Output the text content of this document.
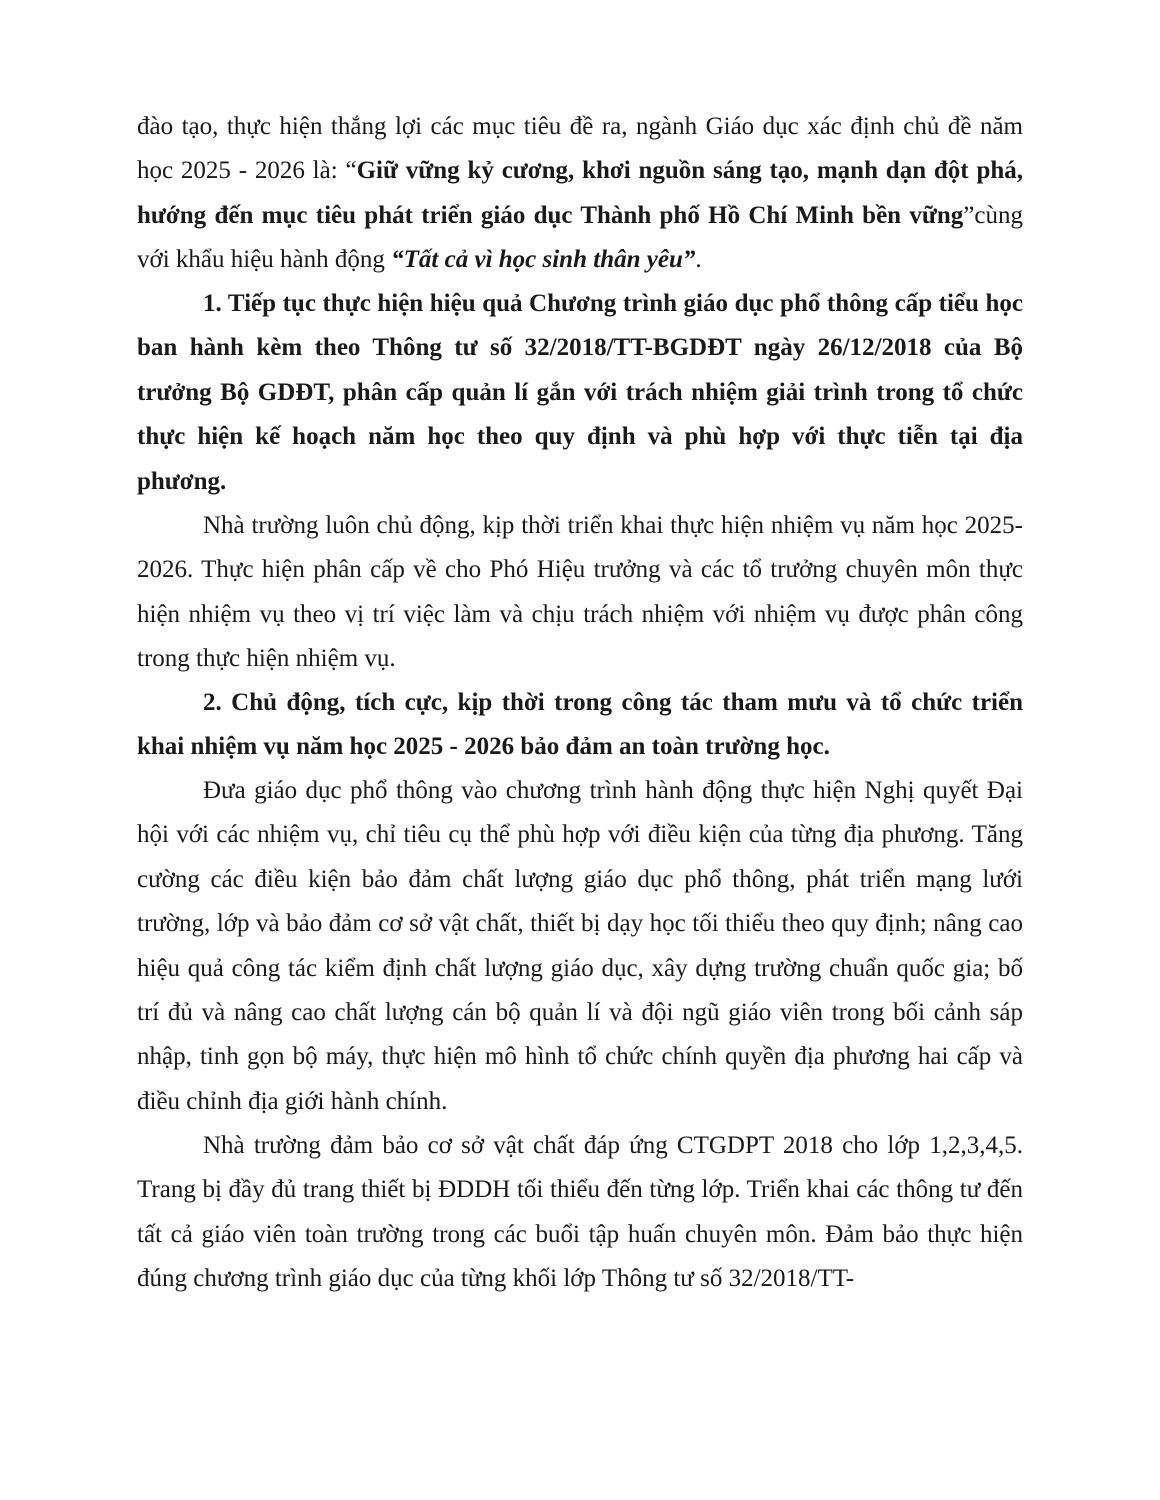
đào tạo, thực hiện thắng lợi các mục tiêu đề ra, ngành Giáo dục xác định chủ đề năm học 2025 - 2026 là: “Giữ vững kỷ cương, khơi nguồn sáng tạo, mạnh dạn đột phá, hướng đến mục tiêu phát triển giáo dục Thành phố Hồ Chí Minh bền vững”cùng với khẩu hiệu hành động “Tất cả vì học sinh thân yêu”.

1. Tiếp tục thực hiện hiệu quả Chương trình giáo dục phổ thông cấp tiểu học ban hành kèm theo Thông tư số 32/2018/TT-BGDĐT ngày 26/12/2018 của Bộ trưởng Bộ GDĐT, phân cấp quản lí gắn với trách nhiệm giải trình trong tổ chức thực hiện kế hoạch năm học theo quy định và phù hợp với thực tiễn tại địa phương.

Nhà trường luôn chủ động, kịp thời triển khai thực hiện nhiệm vụ năm học 2025-2026. Thực hiện phân cấp về cho Phó Hiệu trưởng và các tổ trưởng chuyên môn thực hiện nhiệm vụ theo vị trí việc làm và chịu trách nhiệm với nhiệm vụ được phân công trong thực hiện nhiệm vụ.

2. Chủ động, tích cực, kịp thời trong công tác tham mưu và tổ chức triển khai nhiệm vụ năm học 2025 - 2026 bảo đảm an toàn trường học.

Đưa giáo dục phổ thông vào chương trình hành động thực hiện Nghị quyết Đại hội với các nhiệm vụ, chỉ tiêu cụ thể phù hợp với điều kiện của từng địa phương. Tăng cường các điều kiện bảo đảm chất lượng giáo dục phổ thông, phát triển mạng lưới trường, lớp và bảo đảm cơ sở vật chất, thiết bị dạy học tối thiểu theo quy định; nâng cao hiệu quả công tác kiểm định chất lượng giáo dục, xây dựng trường chuẩn quốc gia; bố trí đủ và nâng cao chất lượng cán bộ quản lí và đội ngũ giáo viên trong bối cảnh sáp nhập, tinh gọn bộ máy, thực hiện mô hình tổ chức chính quyền địa phương hai cấp và điều chỉnh địa giới hành chính.

Nhà trường đảm bảo cơ sở vật chất đáp ứng CTGDPT 2018 cho lớp 1,2,3,4,5. Trang bị đầy đủ trang thiết bị ĐDDH tối thiểu đến từng lớp. Triển khai các thông tư đến tất cả giáo viên toàn trường trong các buổi tập huấn chuyên môn. Đảm bảo thực hiện đúng chương trình giáo dục của từng khối lớp Thông tư số 32/2018/TT-
